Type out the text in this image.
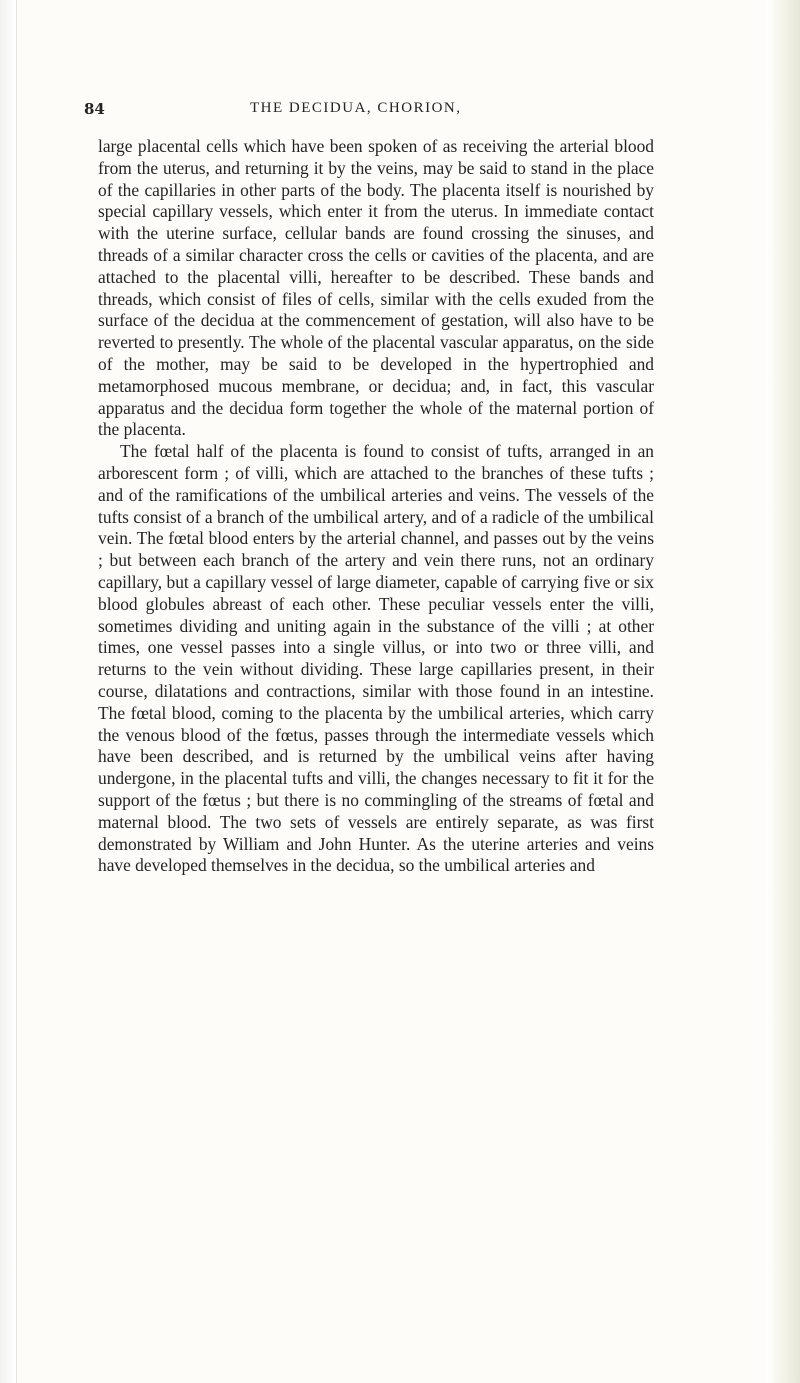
84	THE DECIDUA, CHORION,

large placental cells which have been spoken of as receiving the arterial blood from the uterus, and returning it by the veins, may be said to stand in the place of the capillaries in other parts of the body. The placenta itself is nourished by special capillary vessels, which enter it from the uterus. In immediate contact with the uterine surface, cellular bands are found crossing the sinuses, and threads of a similar character cross the cells or cavities of the placenta, and are attached to the placental villi, hereafter to be described. These bands and threads, which consist of files of cells, similar with the cells exuded from the surface of the decidua at the commencement of gestation, will also have to be reverted to presently. The whole of the placental vascular apparatus, on the side of the mother, may be said to be developed in the hypertrophied and metamorphosed mucous membrane, or decidua; and, in fact, this vascular apparatus and the decidua form together the whole of the maternal portion of the placenta.

The fœtal half of the placenta is found to consist of tufts, arranged in an arborescent form ; of villi, which are attached to the branches of these tufts ; and of the ramifications of the umbilical arteries and veins. The vessels of the tufts consist of a branch of the umbilical artery, and of a radicle of the umbilical vein. The fœtal blood enters by the arterial channel, and passes out by the veins ; but between each branch of the artery and vein there runs, not an ordinary capillary, but a capillary vessel of large diameter, capable of carrying five or six blood globules abreast of each other. These peculiar vessels enter the villi, sometimes dividing and uniting again in the substance of the villi ; at other times, one vessel passes into a single villus, or into two or three villi, and returns to the vein without dividing. These large capillaries present, in their course, dilatations and contractions, similar with those found in an intestine. The fœtal blood, coming to the placenta by the umbilical arteries, which carry the venous blood of the fœtus, passes through the intermediate vessels which have been described, and is returned by the umbilical veins after having undergone, in the placental tufts and villi, the changes necessary to fit it for the support of the fœtus ; but there is no commingling of the streams of fœtal and maternal blood. The two sets of vessels are entirely separate, as was first demonstrated by William and John Hunter. As the uterine arteries and veins have developed themselves in the decidua, so the umbilical arteries and
